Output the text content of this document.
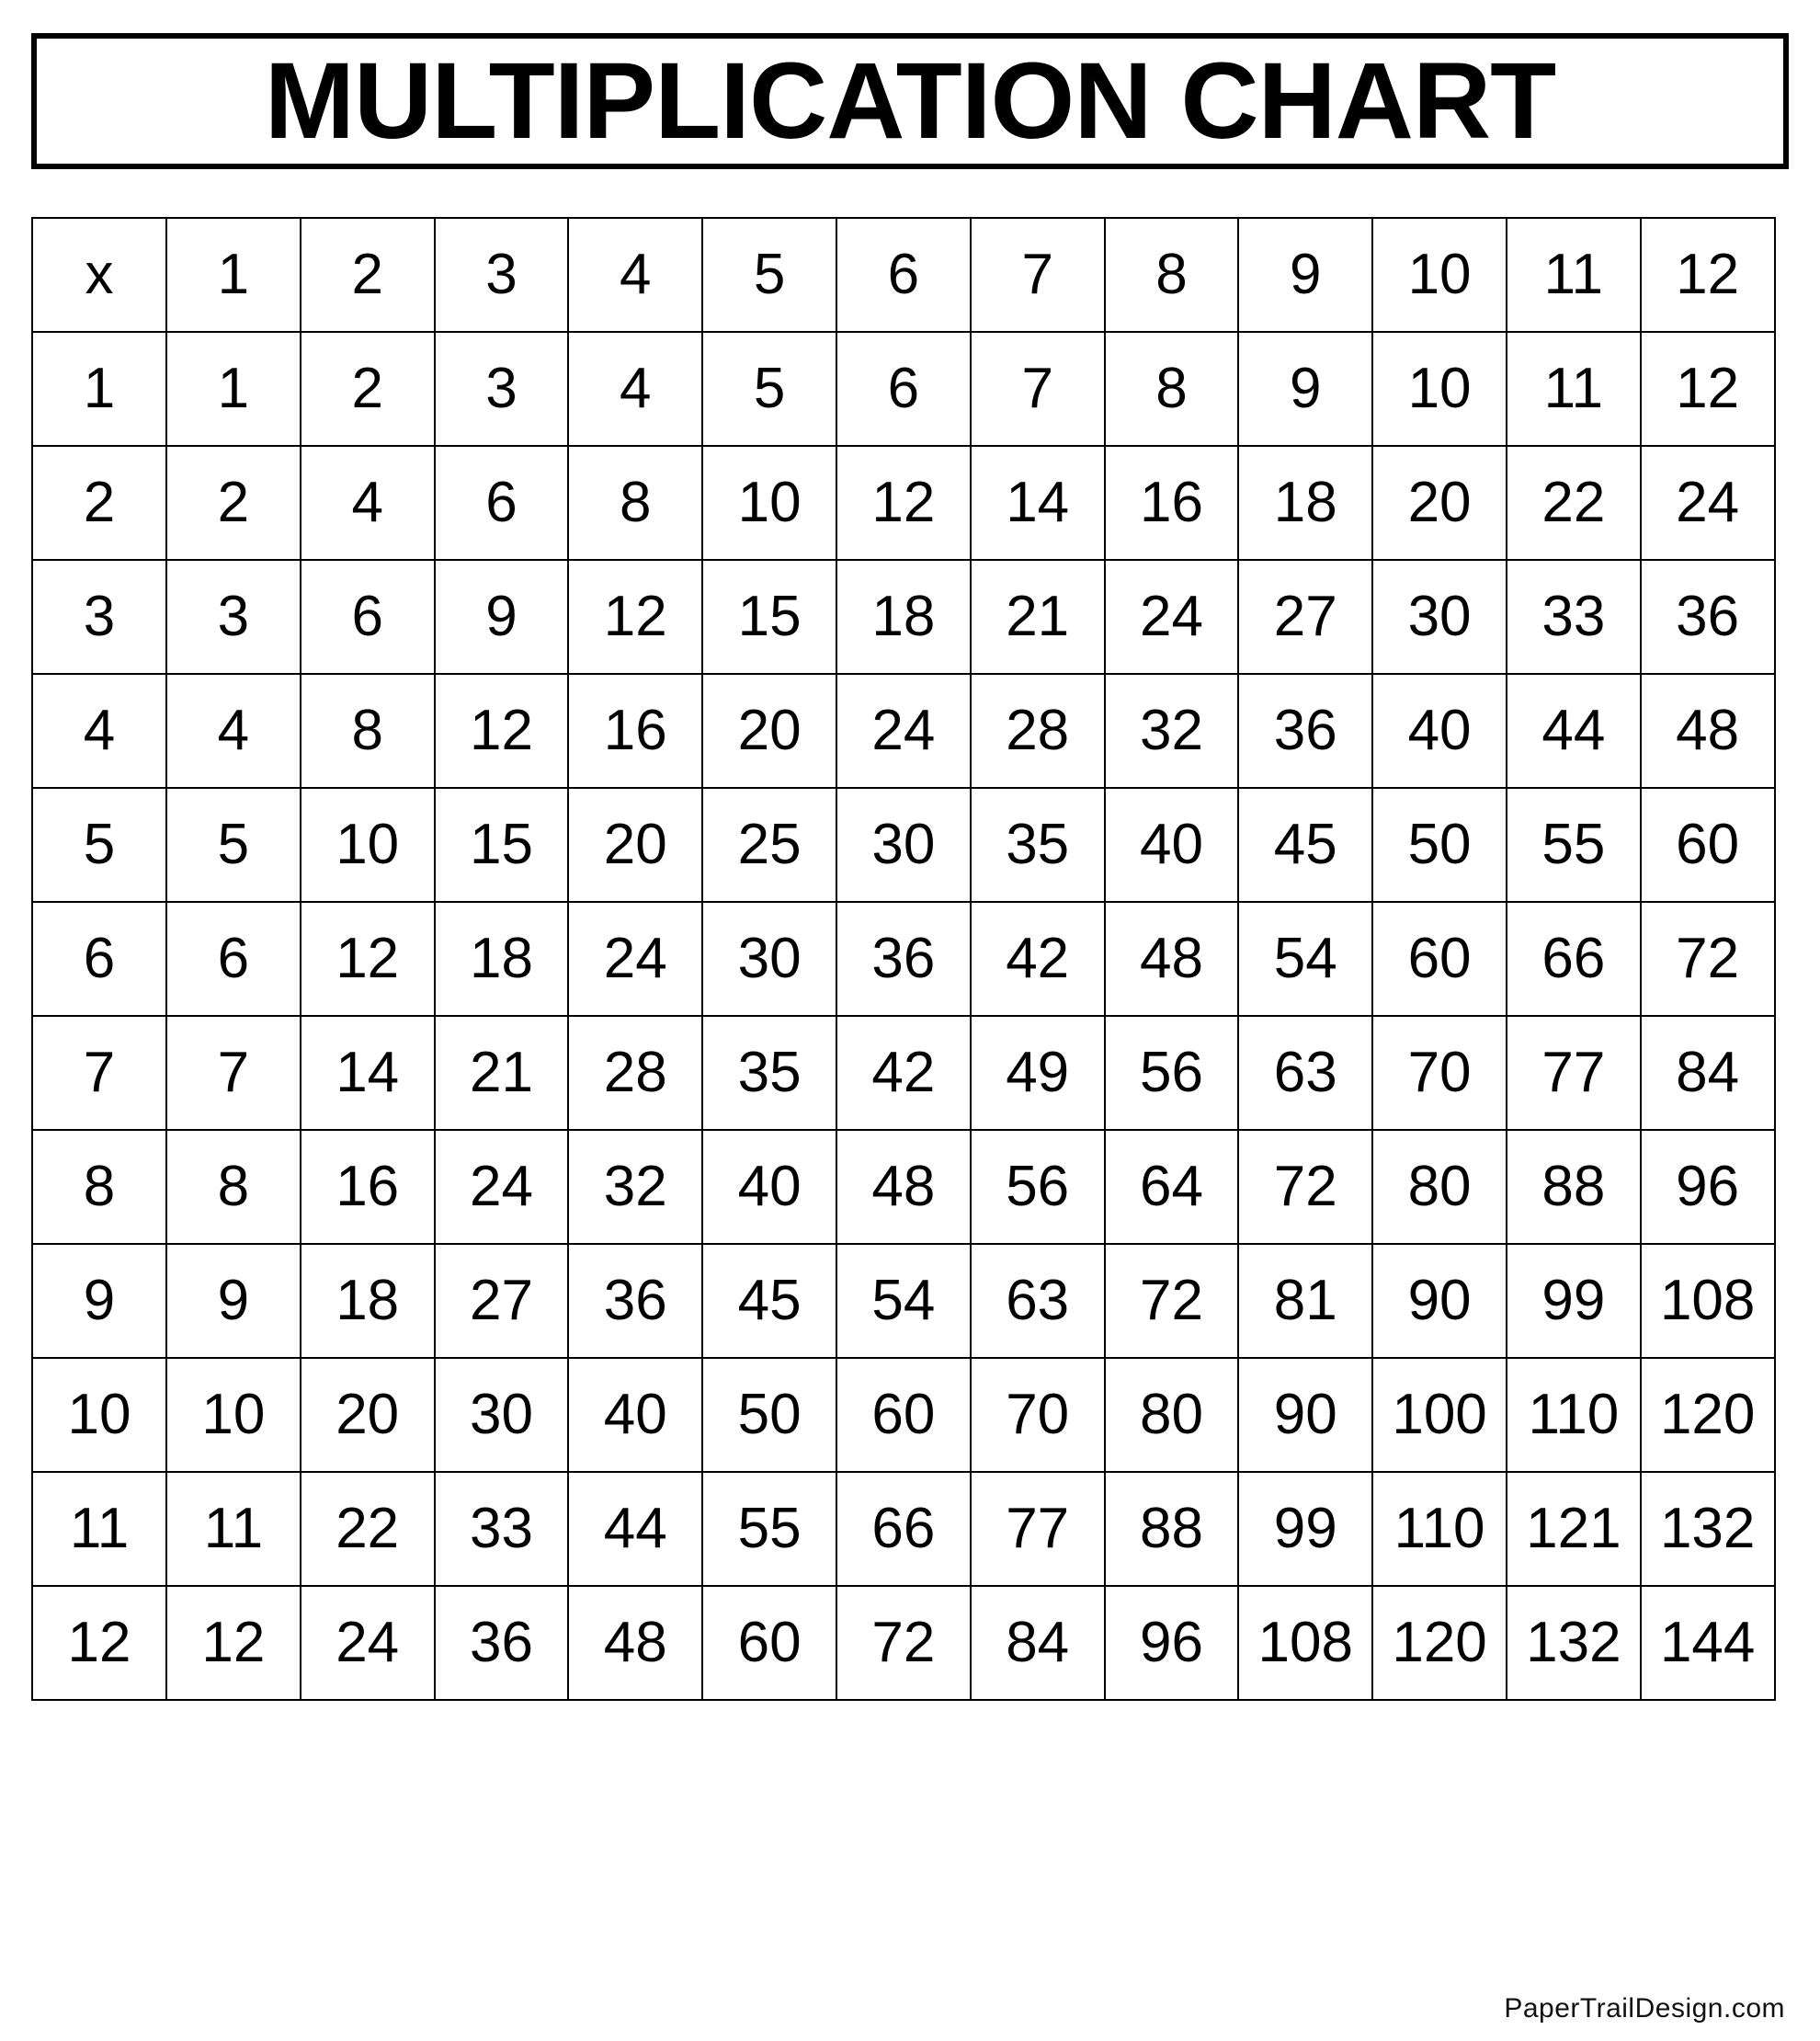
MULTIPLICATION CHART
x	1	2	3	4	5	6	7	8	9	10	11	12
1	1	2	3	4	5	6	7	8	9	10	11	12
2	2	4	6	8	10	12	14	16	18	20	22	24
3	3	6	9	12	15	18	21	24	27	30	33	36
4	4	8	12	16	20	24	28	32	36	40	44	48
5	5	10	15	20	25	30	35	40	45	50	55	60
6	6	12	18	24	30	36	42	48	54	60	66	72
7	7	14	21	28	35	42	49	56	63	70	77	84
8	8	16	24	32	40	48	56	64	72	80	88	96
9	9	18	27	36	45	54	63	72	81	90	99	108
10	10	20	30	40	50	60	70	80	90	100	110	120
11	11	22	33	44	55	66	77	88	99	110	121	132
12	12	24	36	48	60	72	84	96	108	120	132	144
PaperTrailDesign.com
